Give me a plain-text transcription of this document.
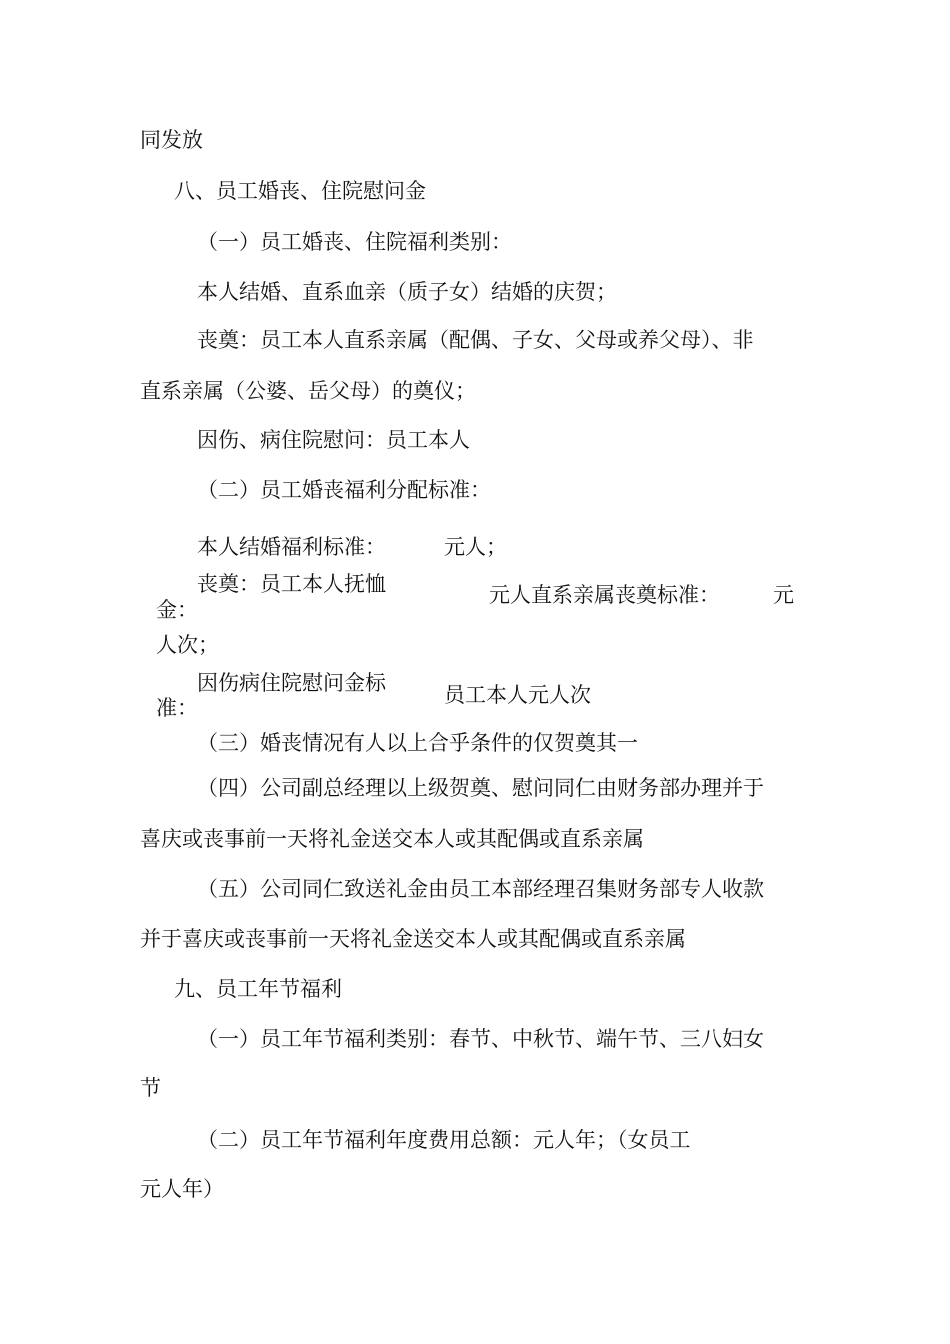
同发放
八、员工婚丧、住院慰问金
（一）员工婚丧、住院福利类别：
本人结婚、直系血亲（质子女）结婚的庆贺；
丧奠：员工本人直系亲属（配偶、子女、父母或养父母）、非
直系亲属（公婆、岳父母）的奠仪；
因伤、病住院慰问：员工本人
（二）员工婚丧福利分配标准：
本人结婚福利标准：	元人；
丧奠：员工本人抚恤
金：
元人直系亲属丧奠标准：	元
人次；
因伤病住院慰问金标
准：
员工本人元人次
（三）婚丧情况有人以上合乎条件的仅贺奠其一
（四）公司副总经理以上级贺奠、慰问同仁由财务部办理并于
喜庆或丧事前一天将礼金送交本人或其配偶或直系亲属
（五）公司同仁致送礼金由员工本部经理召集财务部专人收款
并于喜庆或丧事前一天将礼金送交本人或其配偶或直系亲属
九、员工年节福利
（一）员工年节福利类别：春节、中秋节、端午节、三八妇女
节
（二）员工年节福利年度费用总额：元人年；（女员工
元人年）
